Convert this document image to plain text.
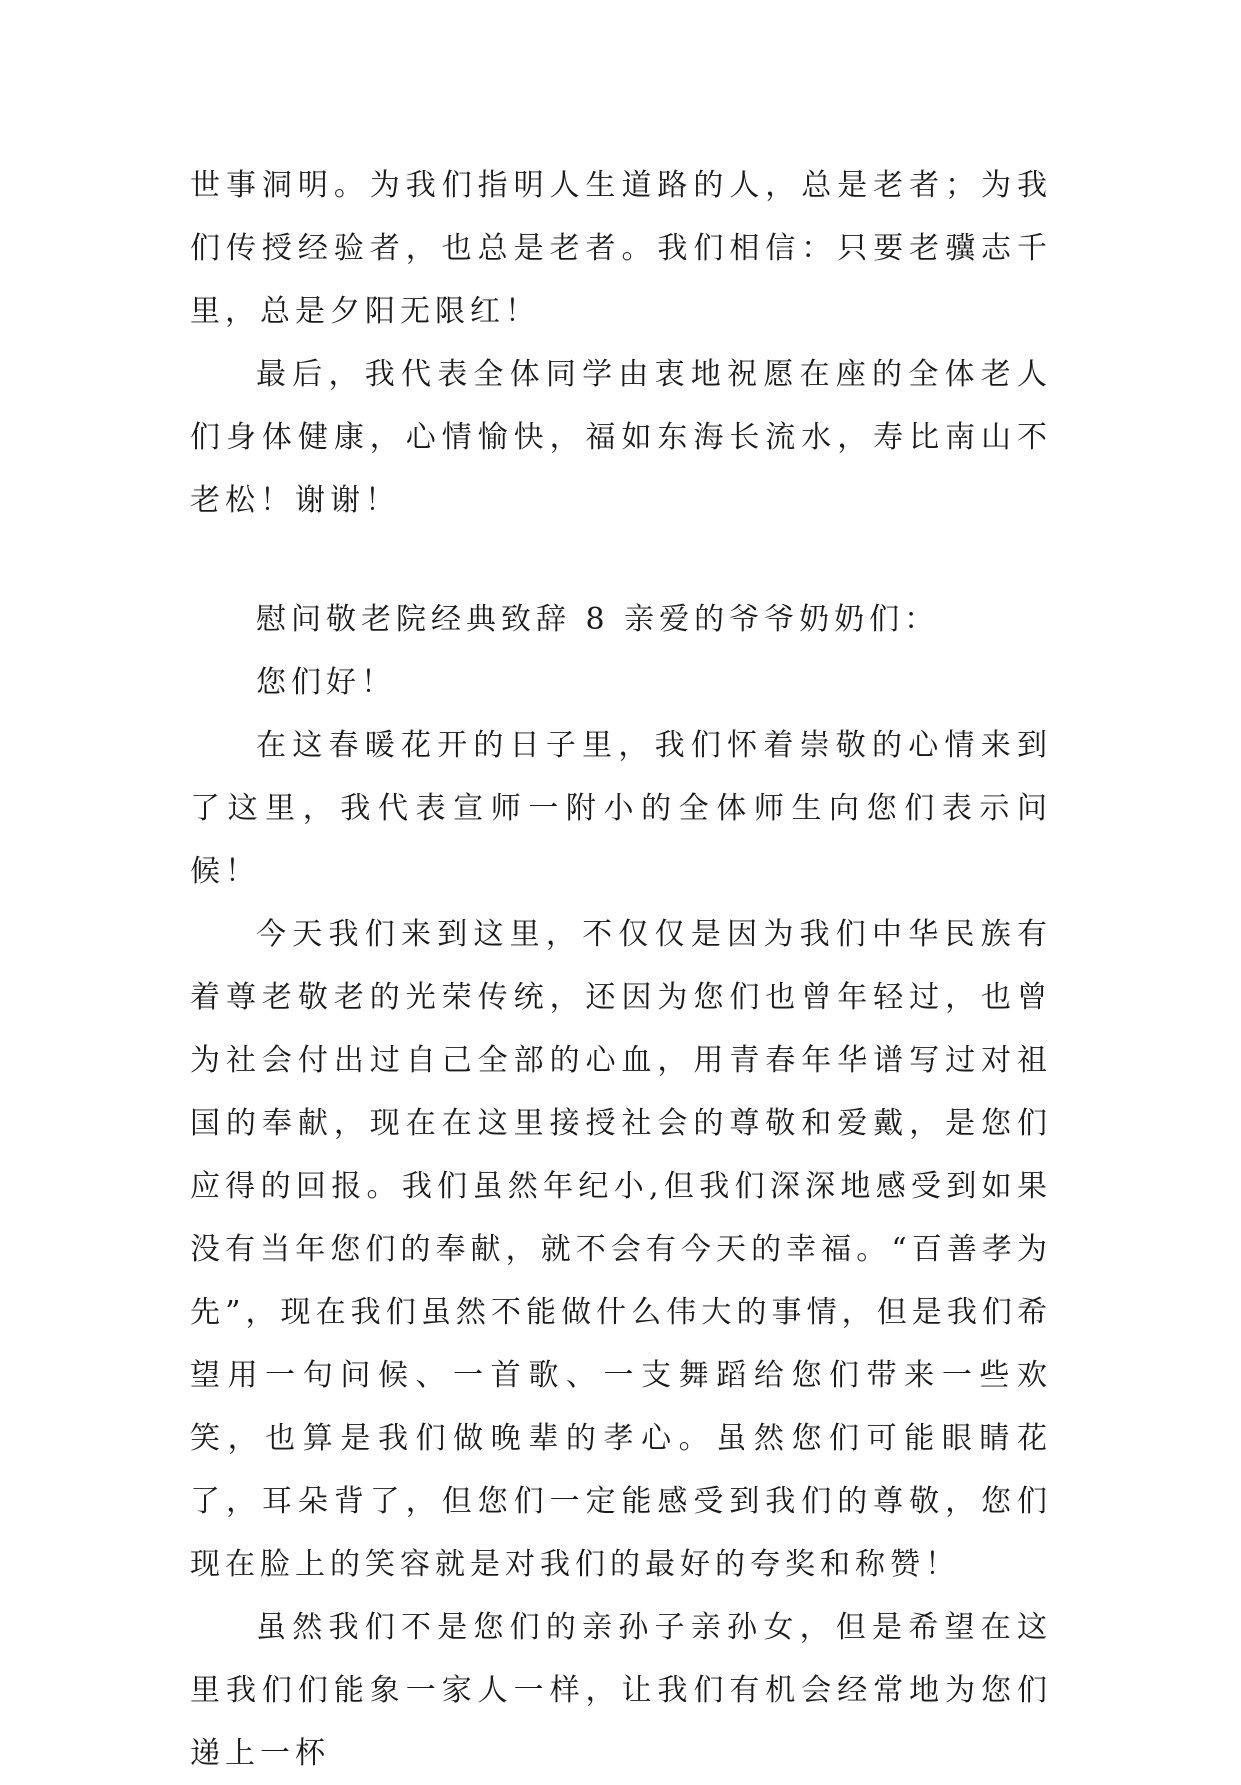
世事洞明。为我们指明人生道路的人，总是老者；为我们传授经验者，也总是老者。我们相信：只要老骥志千里，总是夕阳无限红！

最后，我代表全体同学由衷地祝愿在座的全体老人们身体健康，心情愉快，福如东海长流水，寿比南山不老松！谢谢！

慰问敬老院经典致辞 8 亲爱的爷爷奶奶们：

您们好！

在这春暖花开的日子里，我们怀着崇敬的心情来到了这里，我代表宣师一附小的全体师生向您们表示问候！

今天我们来到这里，不仅仅是因为我们中华民族有着尊老敬老的光荣传统，还因为您们也曾年轻过，也曾为社会付出过自己全部的心血，用青春年华谱写过对祖国的奉献，现在在这里接授社会的尊敬和爱戴，是您们应得的回报。我们虽然年纪小,但我们深深地感受到如果没有当年您们的奉献，就不会有今天的幸福。“百善孝为先”，现在我们虽然不能做什么伟大的事情，但是我们希望用一句问候、一首歌、一支舞蹈给您们带来一些欢笑，也算是我们做晚辈的孝心。虽然您们可能眼睛花了，耳朵背了，但您们一定能感受到我们的尊敬，您们现在脸上的笑容就是对我们的最好的夸奖和称赞！

虽然我们不是您们的亲孙子亲孙女，但是希望在这里我们们能象一家人一样，让我们有机会经常地为您们递上一杯
